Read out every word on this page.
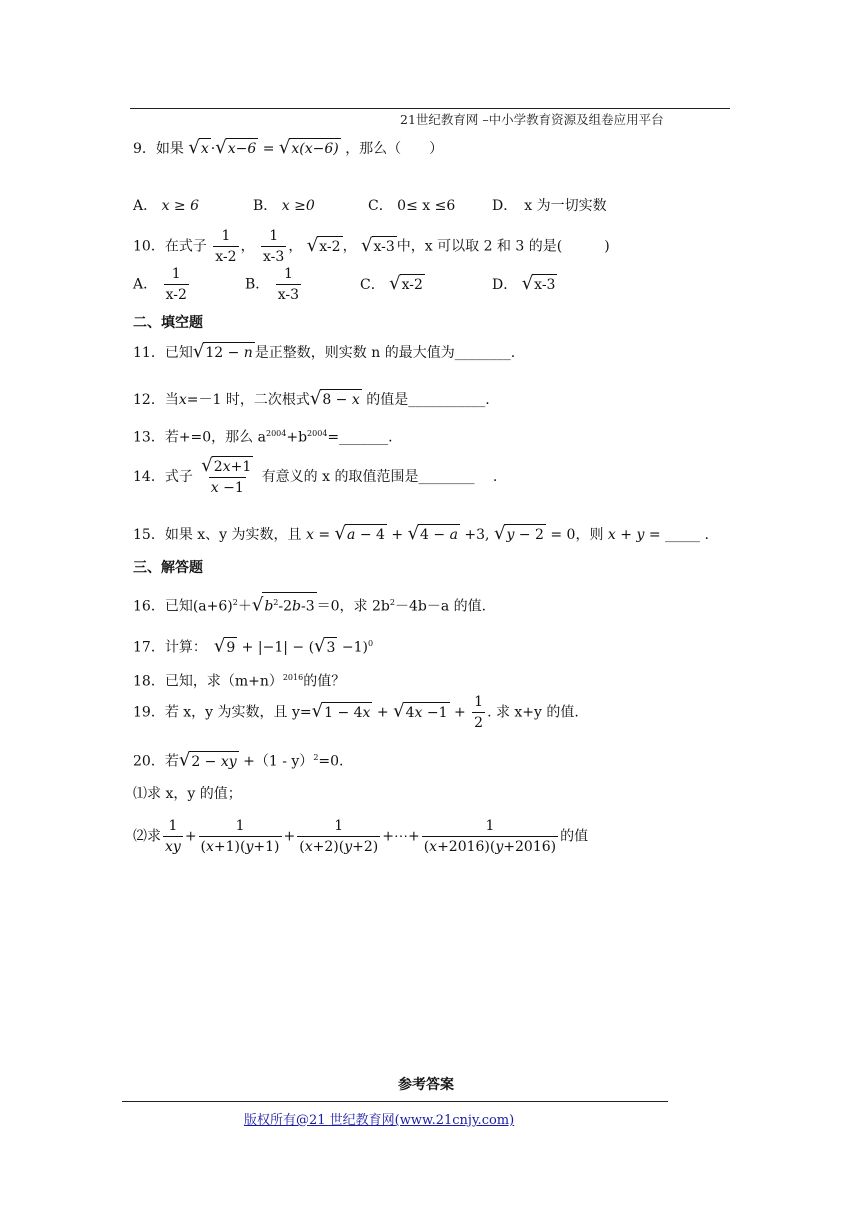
21世纪教育网 –中小学教育资源及组卷应用平台
9．如果 √x ·√x−6 = √x(x−6) ，那么（　　）
A． x ≥ 6	B． x ≥0	C． 0≤ x ≤6	D．　 x 为一切实数
10．在式子 $\frac{1}{x-2}$ ， $\frac{1}{x-3}$ ， √x-2 ， √x-3 中，x 可以取 2 和 3 的是(　　　)
A． $\frac{1}{x-2}$	B． $\frac{1}{x-3}$	C． √x-2	D． √x-3
二、填空题
11．已知√12 − n 是正整数，则实数 n 的最大值为________.
12．当x=－1 时，二次根式√8 − x 的值是___________.
13．若+=0，那么 $a^{2004}+b^{2004}=\_\_\_\_\_\_\_$.
14．式子 $\frac{√2x+1}{x -1}$ 有意义的 x 的取值范围是________　 .
15．如果 x、y 为实数，且 x = √a − 4 + √4 − a +3, √y − 2 = 0，则 x + y = _____ .
三、解答题
16．已知$(a+6)^2+√b^2-2b-3 =0$，求 $2b^2-4b-a$ 的值.
17．计算：　 $√9 + |-1| - (√3 -1)^0$
18．已知，求$(m+n)^{2016}$的值？
19．若 x，y 为实数，且 $y=√1 - 4x + √4x -1 + \frac{1}{2}$ . 求 x+y 的值.
20．若√2 − xy +（1 - y）$^2$=0.
⑴求 x，y 的值；
⑵求 $\frac{1}{xy} + \frac{1}{(x+1)(y+1)} + \frac{1}{(x+2)(y+2)}$ +⋯+ $\frac{1}{(x+2016)(y+2016)}$ 的值
参考答案
版权所有@21 世纪教育网(www.21cnjy.com)
